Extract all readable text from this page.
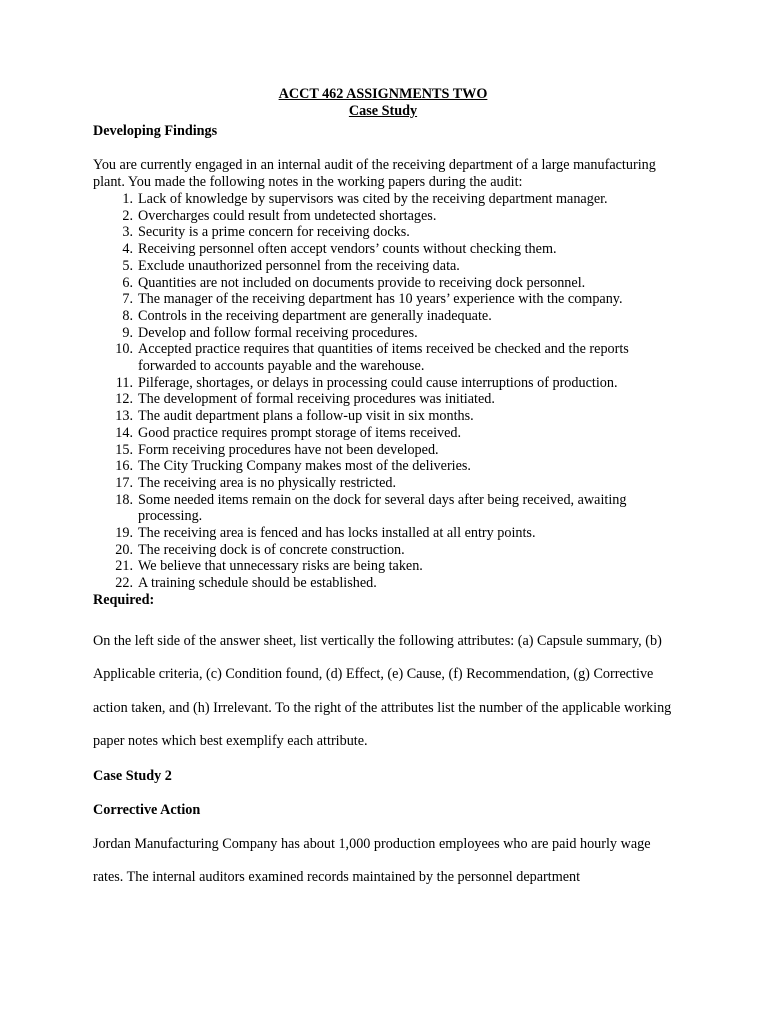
ACCT 462 ASSIGNMENTS TWO
Case Study
Developing Findings
You are currently engaged in an internal audit of the receiving department of a large manufacturing plant. You made the following notes in the working papers during the audit:
1. Lack of knowledge by supervisors was cited by the receiving department manager.
2. Overcharges could result from undetected shortages.
3. Security is a prime concern for receiving docks.
4. Receiving personnel often accept vendors’ counts without checking them.
5. Exclude unauthorized personnel from the receiving data.
6. Quantities are not included on documents provide to receiving dock personnel.
7. The manager of the receiving department has 10 years’ experience with the company.
8. Controls in the receiving department are generally inadequate.
9. Develop and follow formal receiving procedures.
10. Accepted practice requires that quantities of items received be checked and the reports forwarded to accounts payable and the warehouse.
11. Pilferage, shortages, or delays in processing could cause interruptions of production.
12. The development of formal receiving procedures was initiated.
13. The audit department plans a follow-up visit in six months.
14. Good practice requires prompt storage of items received.
15. Form receiving procedures have not been developed.
16. The City Trucking Company makes most of the deliveries.
17. The receiving area is no physically restricted.
18. Some needed items remain on the dock for several days after being received, awaiting processing.
19. The receiving area is fenced and has locks installed at all entry points.
20. The receiving dock is of concrete construction.
21. We believe that unnecessary risks are being taken.
22. A training schedule should be established.
Required:
On the left side of the answer sheet, list vertically the following attributes: (a) Capsule summary, (b) Applicable criteria, (c) Condition found, (d) Effect, (e) Cause, (f) Recommendation, (g) Corrective action taken, and (h) Irrelevant. To the right of the attributes list the number of the applicable working paper notes which best exemplify each attribute.
Case Study 2
Corrective Action
Jordan Manufacturing Company has about 1,000 production employees who are paid hourly wage rates. The internal auditors examined records maintained by the personnel department
